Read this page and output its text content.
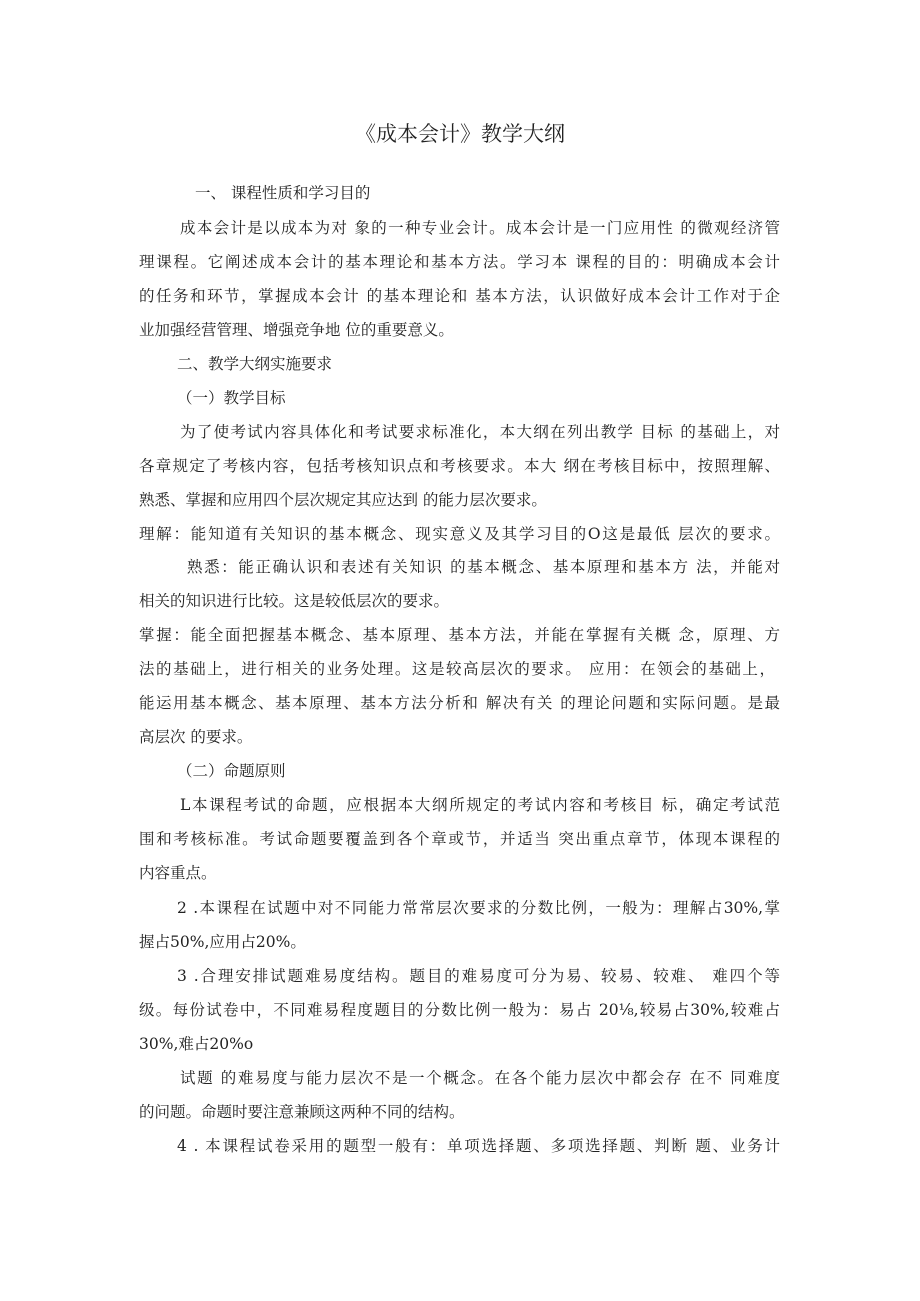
《成本会计》教学大纲
一、 课程性质和学习目的
成本会计是以成本为对 象的一种专业会计。成本会计是一门应用性 的微观经济管
理课程。它阐述成本会计的基本理论和基本方法。学习本 课程的目的：明确成本会计
的任务和环节，掌握成本会计 的基本理论和 基本方法，认识做好成本会计工作对于企
业加强经营管理、增强竞争地 位的重要意义。
二、教学大纲实施要求
（一）教学目标
为了使考试内容具体化和考试要求标准化，本大纲在列出教学 目标 的基础上，对
各章规定了考核内容，包括考核知识点和考核要求。本大 纲在考核目标中，按照理解、
熟悉、掌握和应用四个层次规定其应达到 的能力层次要求。
理解：能知道有关知识的基本概念、现实意义及其学习目的O这是最低 层次的要求。
熟悉：能正确认识和表述有关知识 的基本概念、基本原理和基本方 法，并能对
相关的知识进行比较。这是较低层次的要求。
掌握：能全面把握基本概念、基本原理、基本方法，并能在掌握有关概 念，原理、方
法的基础上，进行相关的业务处理。这是较高层次的要求。 应用：在领会的基础上，
能运用基本概念、基本原理、基本方法分析和 解决有关 的理论问题和实际问题。是最
高层次 的要求。
（二）命题原则
L本课程考试的命题，应根据本大纲所规定的考试内容和考核目 标，确定考试范
围和考核标准。考试命题要覆盖到各个章或节，并适当 突出重点章节，体现本课程的
内容重点。
2 .本课程在试题中对不同能力常常层次要求的分数比例，一般为：理解占30%,掌
握占50%,应用占20%。
3 .合理安排试题难易度结构。题目的难易度可分为易、较易、较难、 难四个等
级。每份试卷中，不同难易程度题目的分数比例一般为：易占 20⅛,较易占30%,较难占
30%,难占20%o
试题 的难易度与能力层次不是一个概念。在各个能力层次中都会存 在不 同难度
的问题。命题时要注意兼顾这两种不同的结构。
4 . 本课程试卷采用的题型一般有：单项选择题、多项选择题、判断 题、业务计
